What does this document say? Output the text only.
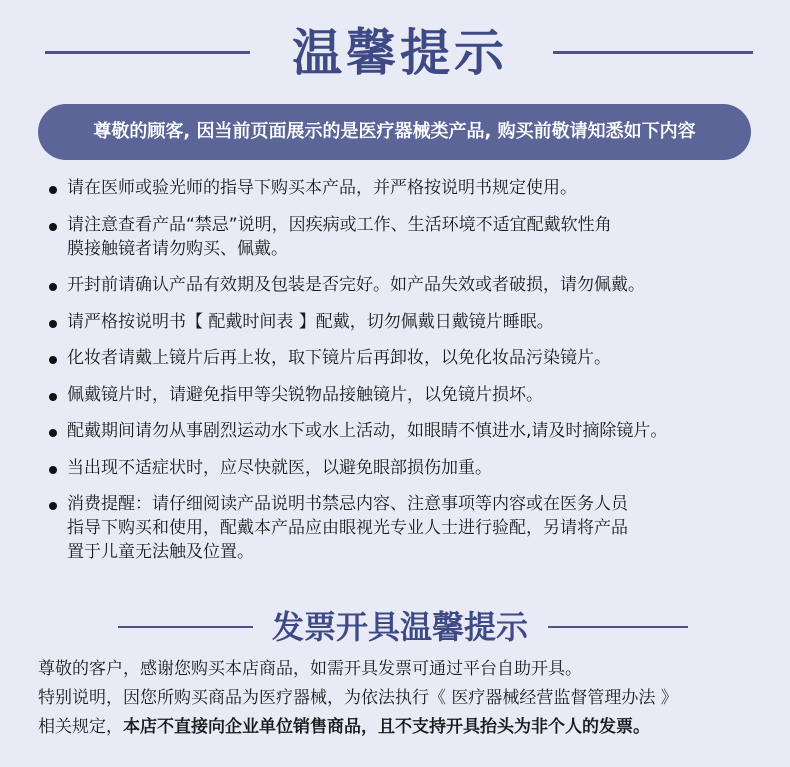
温馨提示
尊敬的顾客, 因当前页面展示的是医疗器械类产品, 购买前敬请知悉如下内容
请在医师或验光师的指导下购买本产品，并严格按说明书规定使用。
请注意查看产品“禁忌”说明，因疾病或工作、生活环境不适宜配戴软性角
膜接触镜者请勿购买、佩戴。
开封前请确认产品有效期及包装是否完好。如产品失效或者破损，请勿佩戴。
请严格按说明书【 配戴时间表 】配戴，切勿佩戴日戴镜片睡眠。
化妆者请戴上镜片后再上妆，取下镜片后再卸妆，以免化妆品污染镜片。
佩戴镜片时，请避免指甲等尖锐物品接触镜片，以免镜片损坏。
配戴期间请勿从事剧烈运动水下或水上活动，如眼睛不慎进水,请及时摘除镜片。
当出现不适症状时，应尽快就医，以避免眼部损伤加重。
消费提醒：请仔细阅读产品说明书禁忌内容、注意事项等内容或在医务人员
指导下购买和使用，配戴本产品应由眼视光专业人士进行验配，另请将产品
置于儿童无法触及位置。
发票开具温馨提示

尊敬的客户，感谢您购买本店商品，如需开具发票可通过平台自助开具。

特别说明，因您所购买商品为医疗器械，为依法执行《 医疗器械经营监督管理办法 》

相关规定，本店不直接向企业单位销售商品，且不支持开具抬头为非个人的发票。
